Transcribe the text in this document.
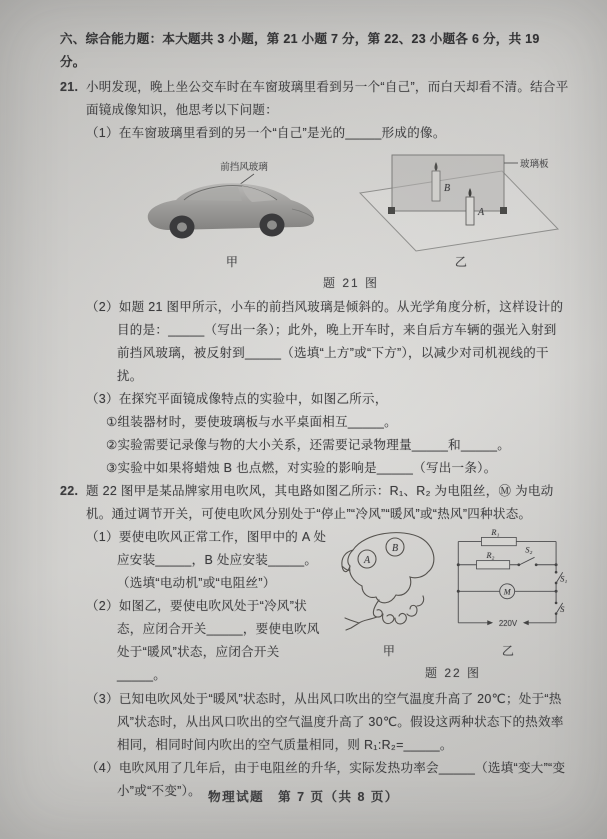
六、综合能力题：本大题共 3 小题，第 21 小题 7 分，第 22、23 小题各 6 分，共 19 分。
21. 小明发现，晚上坐公交车时在车窗玻璃里看到另一个“自己”，而白天却看不清。结合平面镜成像知识，他思考以下问题：
（1）在车窗玻璃里看到的另一个“自己”是光的_____形成的像。
前挡风玻璃
甲
B
A
玻璃板
乙
题 21 图
（2）如题 21 图甲所示，小车的前挡风玻璃是倾斜的。从光学角度分析，这样设计的目的是：_____（写出一条）；此外，晚上开车时，来自后方车辆的强光入射到前挡风玻璃，被反射到_____（选填“上方”或“下方”），以减少对司机视线的干扰。
（3）在探究平面镜成像特点的实验中，如图乙所示，
①组装器材时，要使玻璃板与水平桌面相互_____。
②实验需要记录像与物的大小关系，还需要记录物理量_____和_____。
③实验中如果将蜡烛 B 也点燃，对实验的影响是_____（写出一条）。
22. 题 22 图甲是某品牌家用电吹风，其电路如图乙所示：R₁、R₂ 为电阻丝，Ⓜ 为电动机。通过调节开关，可使电吹风分别处于“停止”“冷风”“暖风”或“热风”四种状态。
A
B
甲
R₁
R₂
S₂
M
S₁
S
220V
乙
题 22 图
（1）要使电吹风正常工作，图甲中的 A 处应安装_____，B 处应安装_____。（选填“电动机”或“电阻丝”）
（2）如图乙，要使电吹风处于“冷风”状态，应闭合开关_____，要使电吹风处于“暖风”状态，应闭合开关_____。
（3）已知电吹风处于“暖风”状态时，从出风口吹出的空气温度升高了 20℃；处于“热风”状态时，从出风口吹出的空气温度升高了 30℃。假设这两种状态下的热效率相同，相同时间内吹出的空气质量相同，则 R₁:R₂=_____。
（4）电吹风用了几年后，由于电阻丝的升华，实际发热功率会_____（选填“变大”“变小”或“不变”）。 物理试题　第 7 页（共 8 页）
